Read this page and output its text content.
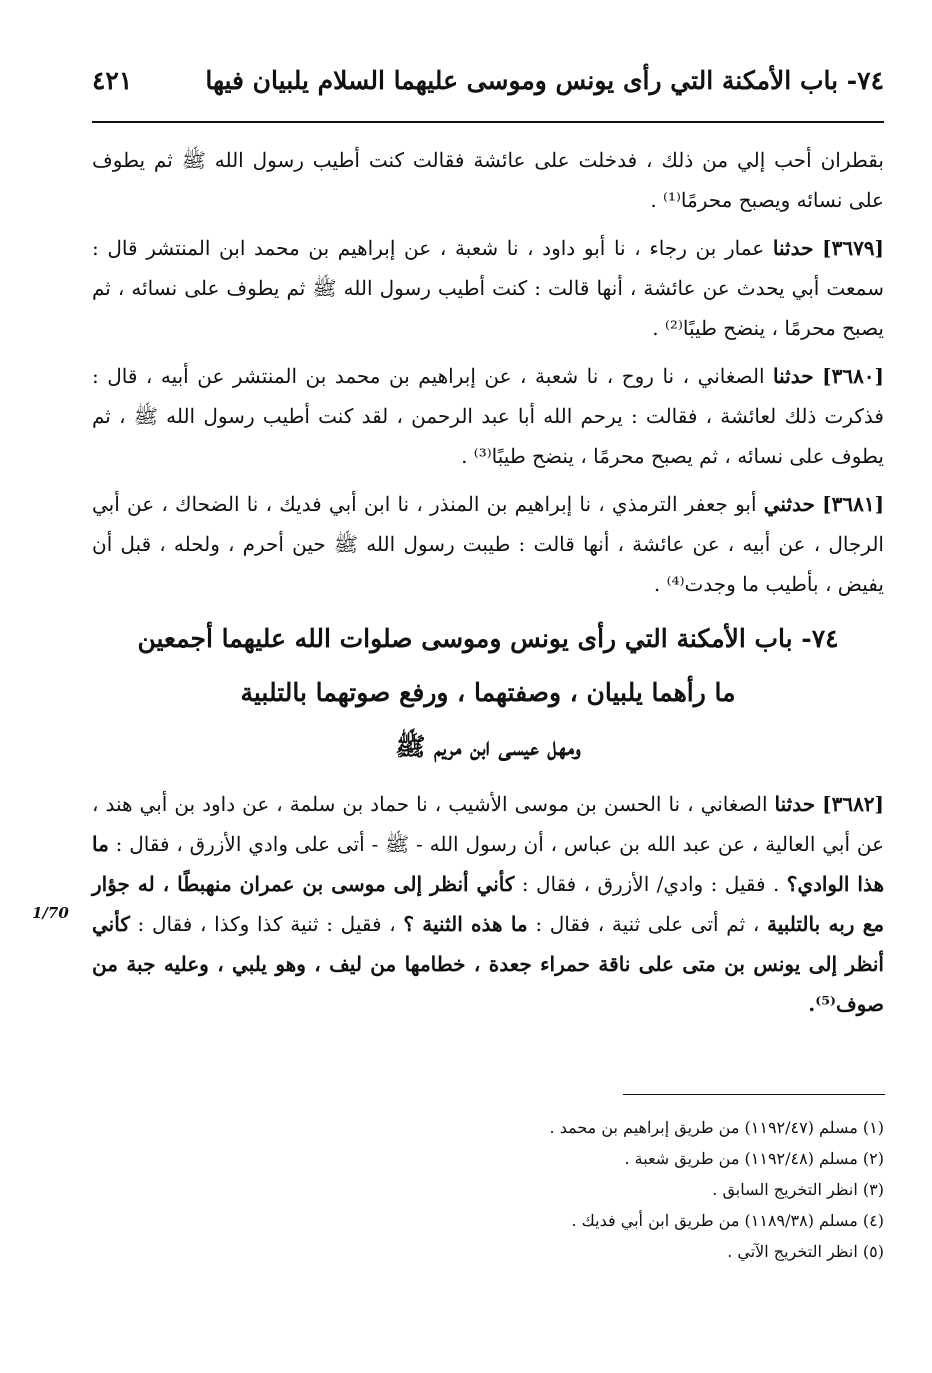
٧٤- باب الأمكنة التي رأى يونس وموسى عليهما السلام يلبيان فيها
٤٢١

بقطران أحب إلي من ذلك ، فدخلت على عائشة فقالت كنت أطيب رسول الله ﷺ ثم يطوف على نسائه ويصبح محرمًا⁽¹⁾ .

[٣٦٧٩] حدثنا عمار بن رجاء ، نا أبو داود ، نا شعبة ، عن إبراهيم بن محمد ابن المنتشر قال : سمعت أبي يحدث عن عائشة ، أنها قالت : كنت أطيب رسول الله ﷺ ثم يطوف على نسائه ، ثم يصبح محرمًا ، ينضح طيبًا⁽²⁾ .

[٣٦٨٠] حدثنا الصغاني ، نا روح ، نا شعبة ، عن إبراهيم بن محمد بن المنتشر عن أبيه ، قال : فذكرت ذلك لعائشة ، فقالت : يرحم الله أبا عبد الرحمن ، لقد كنت أطيب رسول الله ﷺ ، ثم يطوف على نسائه ، ثم يصبح محرمًا ، ينضح طيبًا⁽³⁾ .

[٣٦٨١] حدثني أبو جعفر الترمذي ، نا إبراهيم بن المنذر ، نا ابن أبي فديك ، نا الضحاك ، عن أبي الرجال ، عن أبيه ، عن عائشة ، أنها قالت : طيبت رسول الله ﷺ حين أحرم ، ولحله ، قبل أن يفيض ، بأطيب ما وجدت⁽⁴⁾ .

٧٤- باب الأمكنة التي رأى يونس وموسى صلوات الله عليهما أجمعين
ما رأهما يلبيان ، وصفتهما ، ورفع صوتهما بالتلبية
ومهل عيسى ابن مريم ﷺ

[٣٦٨٢] حدثنا الصغاني ، نا الحسن بن موسى الأشيب ، نا حماد بن سلمة ، عن داود بن أبي هند ، عن أبي العالية ، عن عبد الله بن عباس ، أن رسول الله - ﷺ - أتى على وادي الأزرق ، فقال : ما هذا الوادي؟ . فقيل : وادي/ الأزرق ، فقال : كأني أنظر إلى موسى بن عمران منهبطًا ، له جؤار مع ربه بالتلبية ، ثم أتى على ثنية ، فقال : ما هذه الثنية ؟ ، فقيل : ثنية كذا وكذا ، فقال : كأني أنظر إلى يونس بن متى على ناقة حمراء جعدة ، خطامها من ليف ، وهو يلبي ، وعليه جبة من صوف⁽⁵⁾.

1/70
(١) مسلم (١١٩٢/٤٧) من طريق إبراهيم بن محمد .
(٢) مسلم (١١٩٢/٤٨) من طريق شعبة .
(٣) انظر التخريج السابق .
(٤) مسلم (١١٨٩/٣٨) من طريق ابن أبي فديك .
(٥) انظر التخريج الآتي .
